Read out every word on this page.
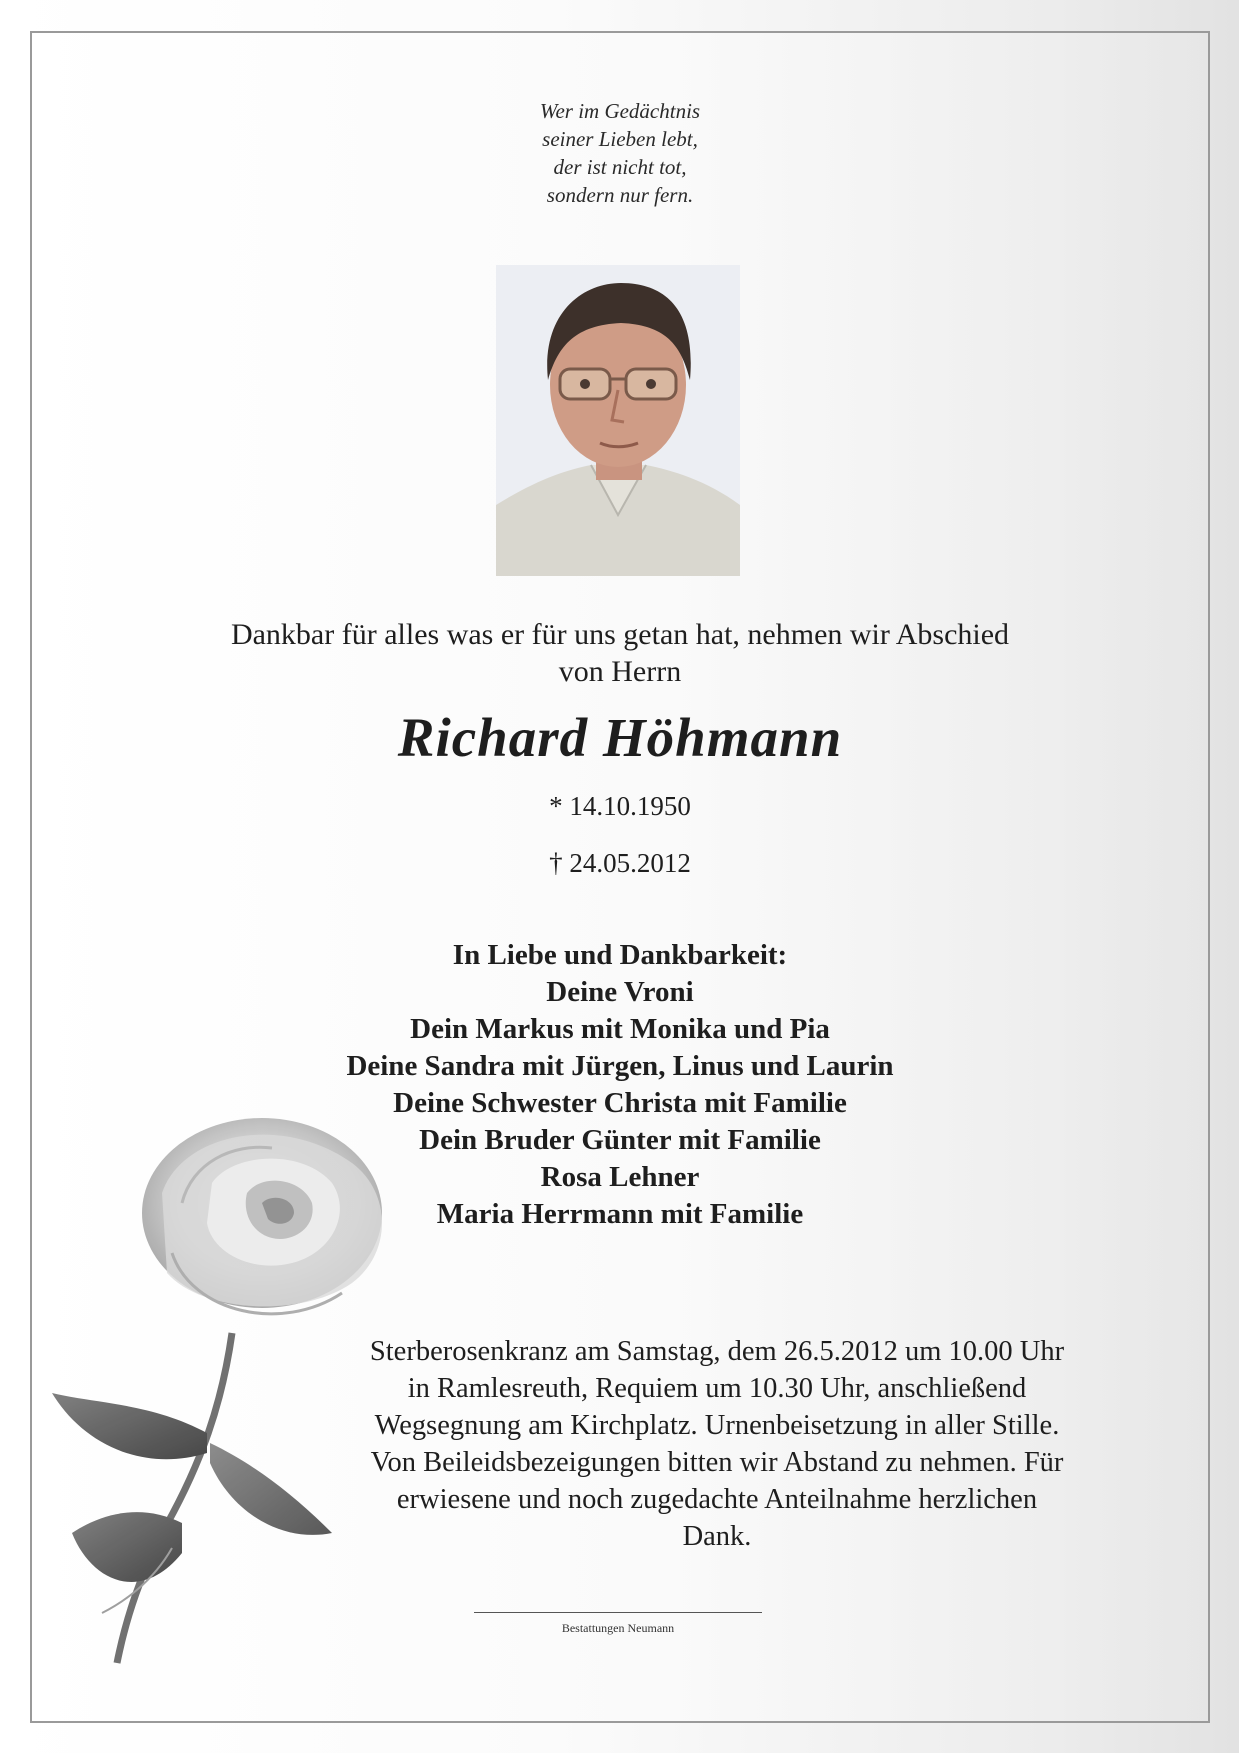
Wer im Gedächtnis
seiner Lieben lebt,
der ist nicht tot,
sondern nur fern.
Dankbar für alles was er für uns getan hat, nehmen wir Abschied
von Herrn
Richard Höhmann
* 14.10.1950
† 24.05.2012
In Liebe und Dankbarkeit:
Deine Vroni
Dein Markus mit Monika und Pia
Deine Sandra mit Jürgen, Linus und Laurin
Deine Schwester Christa mit Familie
Dein Bruder Günter mit Familie
Rosa Lehner
Maria Herrmann mit Familie
Sterberosenkranz am Samstag, dem 26.5.2012 um 10.00 Uhr
in Ramlesreuth, Requiem um 10.30 Uhr, anschließend
Wegsegnung am Kirchplatz. Urnenbeisetzung in aller Stille.
Von Beileidsbezeigungen bitten wir Abstand zu nehmen. Für
erwiesene und noch zugedachte Anteilnahme herzlichen
Dank.
Bestattungen Neumann
